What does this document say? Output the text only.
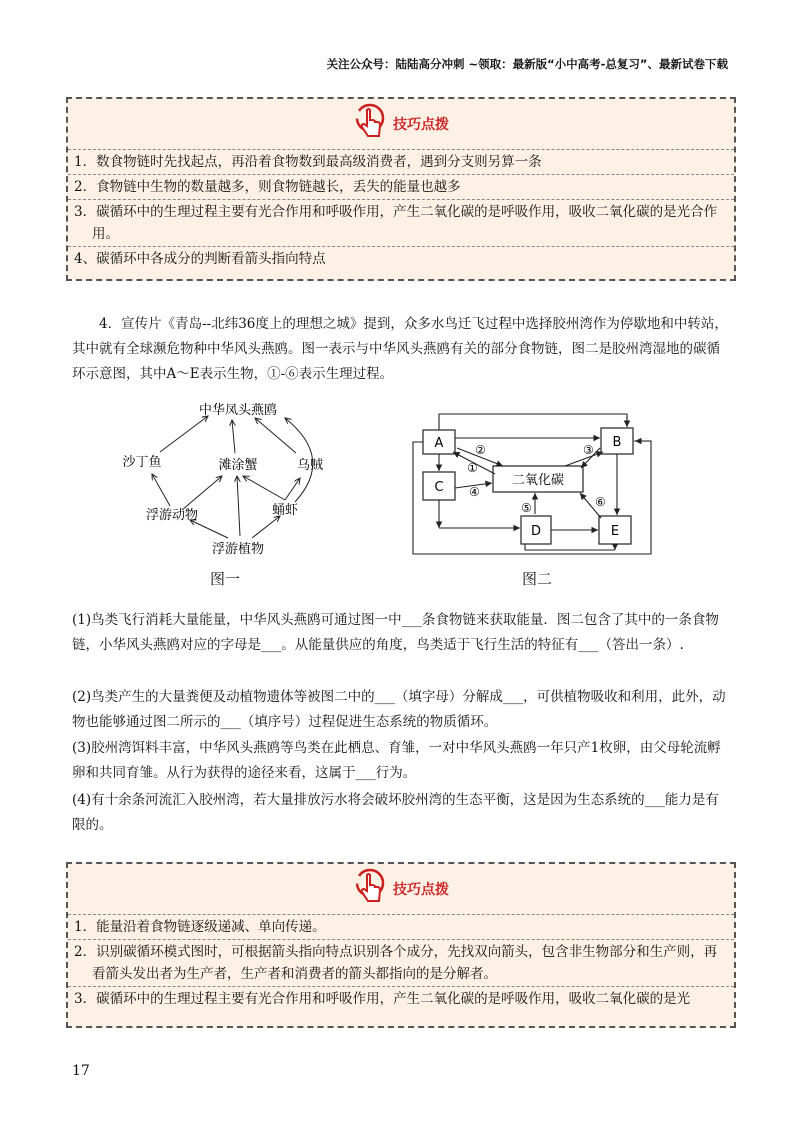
关注公众号：陆陆高分冲刺 ~领取：最新版“小中高考-总复习”、最新试卷下载
技巧点拨
1．数食物链时先找起点，再沿着食物数到最高级消费者，遇到分支则另算一条
2．食物链中生物的数量越多，则食物链越长，丢失的能量也越多
3．碳循环中的生理过程主要有光合作用和呼吸作用，产生二氧化碳的是呼吸作用，吸收二氧化碳的是光合作用。
4、碳循环中各成分的判断看箭头指向特点
4．宣传片《青岛--北纬36度上的理想之城》提到，众多水鸟迁飞过程中选择胶州湾作为停歇地和中转站，其中就有全球濒危物种中华风头燕鸥。图一表示与中华风头燕鸥有关的部分食物链，图二是胶州湾湿地的碳循环示意图，其中A～E表示生物，①-⑥表示生理过程。
中华凤头燕鸥
沙丁鱼	滩涂蟹	乌贼
浮游动物	蛹虾
浮游植物
图一
A	B
C	二氧化碳
D	E
①
②	③
④
⑤	⑥
图二
(1)鸟类飞行消耗大量能量，中华风头燕鸥可通过图一中___条食物链来获取能量．图二包含了其中的一条食物链，小华风头燕鸥对应的字母是___。从能量供应的角度，鸟类适于飞行生活的特征有___（答出一条）.
(2)鸟类产生的大量粪便及动植物遗体等被图二中的___（填字母）分解成___，可供植物吸收和利用，此外，动物也能够通过图二所示的___（填序号）过程促进生态系统的物质循环。
(3)胶州湾饵料丰富，中华风头燕鸥等鸟类在此栖息、育雏，一对中华风头燕鸥一年只产1枚卵，由父母轮流孵卵和共同育雏。从行为获得的途径来看，这属于___行为。
(4)有十余条河流汇入胶州湾，若大量排放污水将会破坏胶州湾的生态平衡，这是因为生态系统的___能力是有限的。
技巧点拨
1．能量沿着食物链逐级递减、单向传递。
2．识别碳循环模式图时，可根据箭头指向特点识别各个成分，先找双向箭头，包含非生物部分和生产则，再看箭头发出者为生产者，生产者和消费者的箭头都指向的是分解者。
3．碳循环中的生理过程主要有光合作用和呼吸作用，产生二氧化碳的是呼吸作用，吸收二氧化碳的是光
17
